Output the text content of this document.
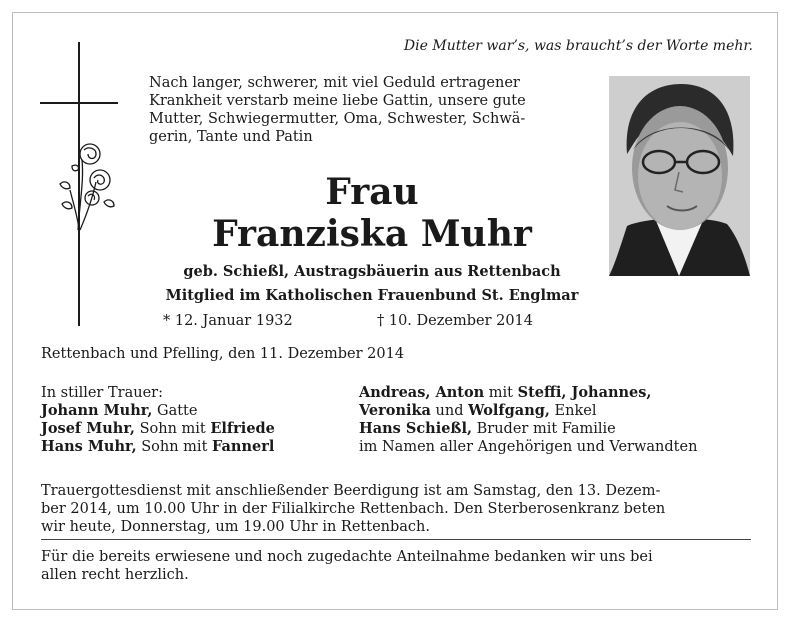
Die Mutter war’s, was braucht’s der Worte mehr.
Nach langer, schwerer, mit viel Geduld ertragener
Krankheit verstarb meine liebe Gattin, unsere gute
Mutter, Schwiegermutter, Oma, Schwester, Schwä-
gerin, Tante und Patin
Frau
Franziska Muhr
geb. Schießl, Austragsbäuerin aus Rettenbach
Mitglied im Katholischen Frauenbund St. Englmar
* 12. Januar 1932	† 10. Dezember 2014
Rettenbach und Pfelling, den 11. Dezember 2014
In stiller Trauer:
Johann Muhr, Gatte
Josef Muhr, Sohn mit Elfriede
Hans Muhr, Sohn mit Fannerl
Andreas, Anton mit Steffi, Johannes,
Veronika und Wolfgang, Enkel
Hans Schießl, Bruder mit Familie
im Namen aller Angehörigen und Verwandten
Trauergottesdienst mit anschließender Beerdigung ist am Samstag, den 13. Dezem-
ber 2014, um 10.00 Uhr in der Filialkirche Rettenbach. Den Sterberosenkranz beten
wir heute, Donnerstag, um 19.00 Uhr in Rettenbach.
Für die bereits erwiesene und noch zugedachte Anteilnahme bedanken wir uns bei
allen recht herzlich.
